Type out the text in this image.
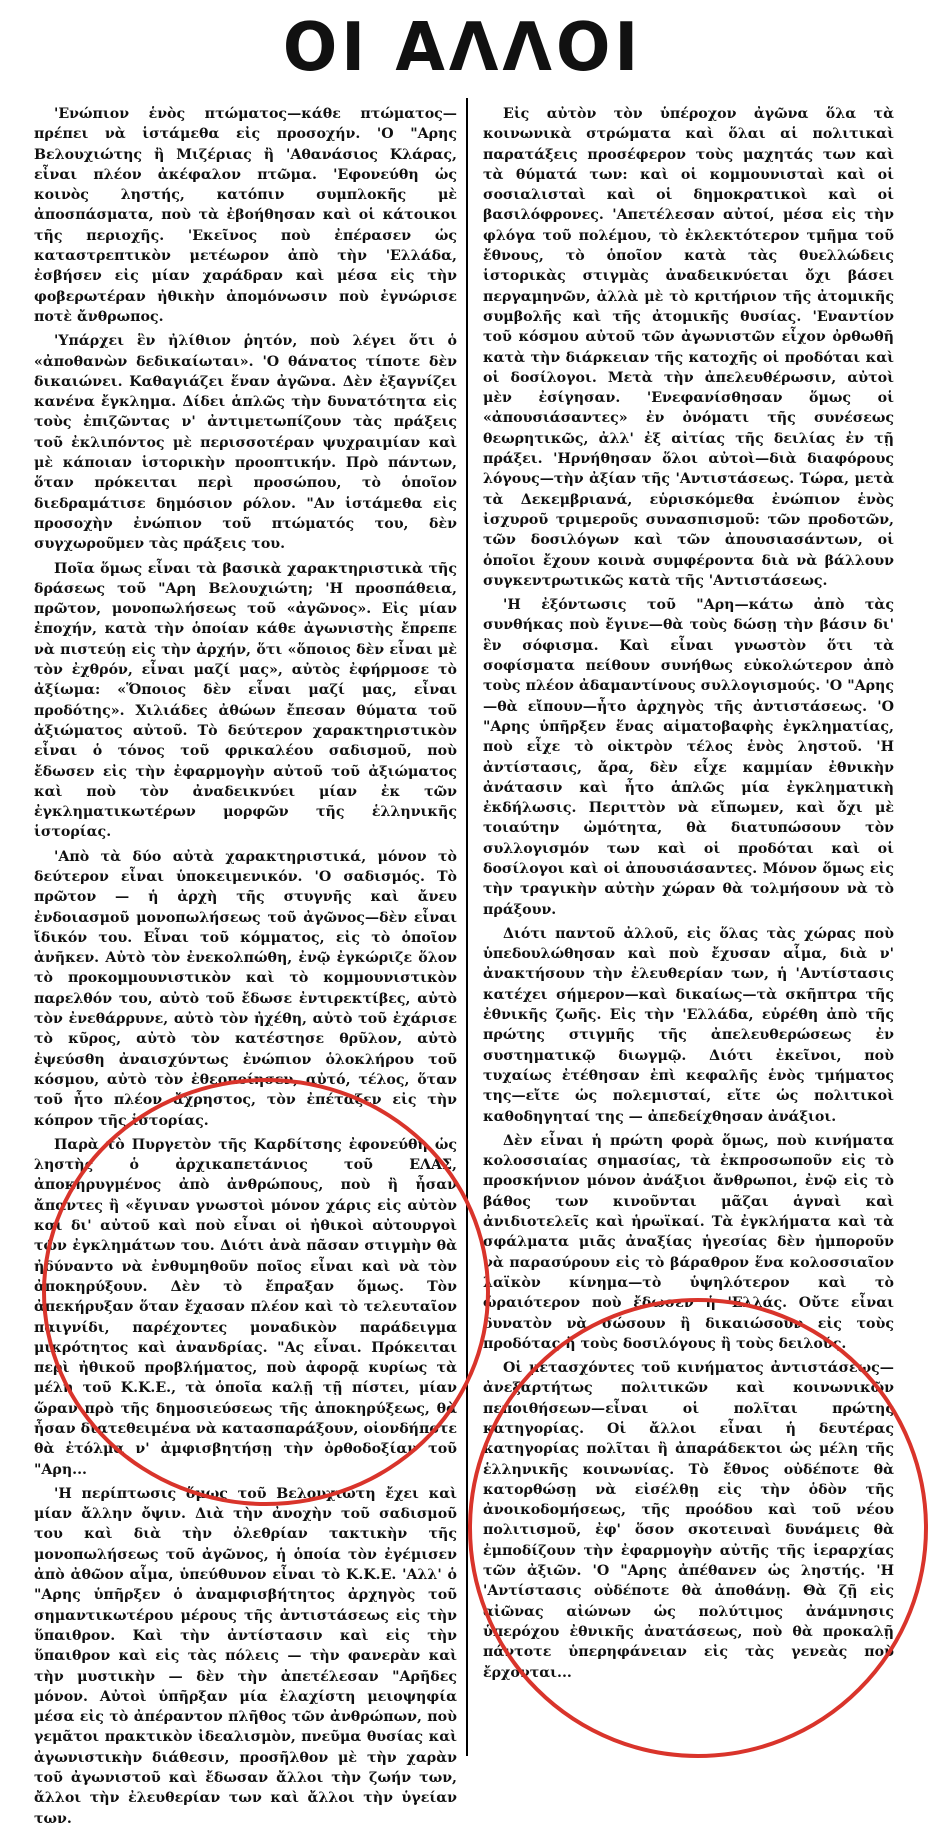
ΟΙ ΑΛΛΟΙ

'Ενώπιον ἑνὸς πτώματος—κάθε πτώματος—πρέπει νὰ ἱστάμεθα εἰς προσοχήν. 'Ο "Αρης Βελουχιώτης ἢ Μιζέριας ἢ 'Αθανάσιος Κλάρας, εἶναι πλέον ἀκέφαλον πτῶμα. 'Εφονεύθη ὡς κοινὸς ληστής, κατόπιν συμπλοκῆς μὲ ἀποσπάσματα, ποὺ τὰ ἐβοήθησαν καὶ οἱ κάτοικοι τῆς περιοχῆς. 'Εκεῖνος ποὺ ἐπέρασεν ὡς καταστρεπτικὸν μετέωρον ἀπὸ τὴν 'Ελλάδα, ἐσβήσεν εἰς μίαν χαράδραν καὶ μέσα εἰς τὴν φοβερωτέραν ἠθικὴν ἀπομόνωσιν ποὺ ἐγνώρισε ποτὲ ἄνθρωπος.

'Υπάρχει ἓν ἠλίθιον ῥητόν, ποὺ λέγει ὅτι ὁ «ἀποθανὼν δεδικαίωται». 'Ο θάνατος τίποτε δὲν δικαιώνει. Καθαγιάζει ἕναν ἀγῶνα. Δὲν ἐξαγνίζει κανένα ἔγκλημα. Δίδει ἁπλῶς τὴν δυνατότητα εἰς τοὺς ἐπιζῶντας ν' ἀντιμετωπίζουν τὰς πράξεις τοῦ ἐκλιπόντος μὲ περισσοτέραν ψυχραιμίαν καὶ μὲ κάποιαν ἱστορικὴν προοπτικήν. Πρὸ πάντων, ὅταν πρόκειται περὶ προσώπου, τὸ ὁποῖον διεδραμάτισε δημόσιον ρόλον. "Αν ἱστάμεθα εἰς προσοχὴν ἐνώπιον τοῦ πτώματός του, δὲν συγχωροῦμεν τὰς πράξεις του.

Ποῖα ὅμως εἶναι τὰ βασικὰ χαρακτηριστικὰ τῆς δράσεως τοῦ "Αρη Βελουχιώτη; 'Η προσπάθεια, πρῶτον, μονοπωλήσεως τοῦ «ἀγῶνος». Εἰς μίαν ἐποχήν, κατὰ τὴν ὁποίαν κάθε ἀγωνιστὴς ἔπρεπε νὰ πιστεύῃ εἰς τὴν ἀρχήν, ὅτι «ὅποιος δὲν εἶναι μὲ τὸν ἐχθρόν, εἶναι μαζί μας», αὐτὸς ἐφήρμοσε τὸ ἀξίωμα: «Ὅποιος δὲν εἶναι μαζί μας, εἶναι προδότης». Χιλιάδες ἀθώων ἔπεσαν θύματα τοῦ ἀξιώματος αὐτοῦ. Τὸ δεύτερον χαρακτηριστικὸν εἶναι ὁ τόνος τοῦ φρικαλέου σαδισμοῦ, ποὺ ἔδωσεν εἰς τὴν ἐφαρμογὴν αὐτοῦ τοῦ ἀξιώματος καὶ ποὺ τὸν ἀναδεικνύει μίαν ἐκ τῶν ἐγκληματικωτέρων μορφῶν τῆς ἑλληνικῆς ἱστορίας.

'Απὸ τὰ δύο αὐτὰ χαρακτηριστικά, μόνον τὸ δεύτερον εἶναι ὑποκειμενικόν. 'Ο σαδισμός. Τὸ πρῶτον — ἡ ἀρχὴ τῆς στυγνῆς καὶ ἄνευ ἐνδοιασμοῦ μονοπωλήσεως τοῦ ἀγῶνος—δὲν εἶναι ἴδικόν του. Εἶναι τοῦ κόμματος, εἰς τὸ ὁποῖον ἀνῆκεν. Αὐτὸ τὸν ἐνεκολπώθη, ἐνῷ ἐγκώριζε ὅλον τὸ προκομμουνιστικὸν καὶ τὸ κομμουνιστικὸν παρελθόν του, αὐτὸ τοῦ ἔδωσε ἐντιρεκτίβες, αὐτὸ τὸν ἐνεθάρρυνε, αὐτὸ τὸν ἠχέθη, αὐτὸ τοῦ ἐχάρισε τὸ κῦρος, αὐτὸ τὸν κατέστησε θρῦλον, αὐτὸ ἐψεύσθη ἀναισχύντως ἐνώπιον ὁλοκλήρου τοῦ κόσμου, αὐτὸ τὸν ἐθεοποίησεν, αὐτό, τέλος, ὅταν τοῦ ἦτο πλέον ἄχρηστος, τὸν ἐπέταξεν εἰς τὴν κόπρον τῆς ἱστορίας.

Παρὰ τὸ Πυργετὸν τῆς Καρδίτσης ἐφονεύθη ὡς ληστὴς ὁ ἀρχικαπετάνιος τοῦ ΕΛΑΣ, ἀποκηρυγμένος ἀπὸ ἀνθρώπους, ποὺ ἢ ἦσαν ἄπαντες ἢ «ἔγιναν γνωστοὶ μόνον χάρις εἰς αὐτὸν καὶ δι' αὐτοῦ καὶ ποὺ εἶναι οἱ ἠθικοὶ αὐτουργοὶ τῶν ἐγκλημάτων του. Διότι ἀνὰ πᾶσαν στιγμὴν θὰ ἠδύναντο νὰ ἐνθυμηθοῦν ποῖος εἶναι καὶ νὰ τὸν ἀποκηρύξουν. Δὲν τὸ ἔπραξαν ὅμως. Τὸν ἀπεκήρυξαν ὅταν ἔχασαν πλέον καὶ τὸ τελευταῖον παιγνίδι, παρέχοντες μοναδικὸν παράδειγμα μικρότητος καὶ ἀνανδρίας. "Ας εἶναι. Πρόκειται περὶ ἠθικοῦ προβλήματος, ποὺ ἀφορᾷ κυρίως τὰ μέλη τοῦ Κ.Κ.Ε., τὰ ὁποῖα καλῇ τῇ πίστει, μίαν ὥραν πρὸ τῆς δημοσιεύσεως τῆς ἀποκηρύξεως, θὰ ἦσαν διατεθειμένα νὰ κατασπαράξουν, οἱονδήποτε θὰ ἐτόλμα ν' ἀμφισβητήσῃ τὴν ὀρθοδοξίαν τοῦ "Αρη...

'Η περίπτωσις ὅμως τοῦ Βελουχιώτη ἔχει καὶ μίαν ἄλλην ὄψιν. Διὰ τὴν ἀνοχὴν τοῦ σαδισμοῦ του καὶ διὰ τὴν ὀλεθρίαν τακτικὴν τῆς μονοπωλήσεως τοῦ ἀγῶνος, ἡ ὁποία τὸν ἐγέμισεν ἀπὸ ἀθῶον αἷμα, ὑπεύθυνον εἶναι τὸ Κ.Κ.Ε. 'Αλλ' ὁ "Αρης ὑπῆρξεν ὁ ἀναμφισβήτητος ἀρχηγὸς τοῦ σημαντικωτέρου μέρους τῆς ἀντιστάσεως εἰς τὴν ὕπαιθρον. Καὶ τὴν ἀντίστασιν καὶ εἰς τὴν ὕπαιθρον καὶ εἰς τὰς πόλεις — τὴν φανερὰν καὶ τὴν μυστικὴν — δὲν τὴν ἀπετέλεσαν "Αρῆδες μόνον. Αὐτοὶ ὑπῆρξαν μία ἐλαχίστη μειοψηφία μέσα εἰς τὸ ἀπέραντον πλῆθος τῶν ἀνθρώπων, ποὺ γεμᾶτοι πρακτικὸν ἰδεαλισμὸν, πνεῦμα θυσίας καὶ ἀγωνιστικὴν διάθεσιν, προσῆλθον μὲ τὴν χαρὰν τοῦ ἀγωνιστοῦ καὶ ἔδωσαν ἄλλοι τὴν ζωήν των, ἄλλοι τὴν ἐλευθερίαν των καὶ ἄλλοι τὴν ὑγείαν των.

Εἰς αὐτὸν τὸν ὑπέροχον ἀγῶνα ὅλα τὰ κοινωνικὰ στρώματα καὶ ὅλαι αἱ πολιτικαὶ παρατάξεις προσέφερον τοὺς μαχητάς των καὶ τὰ θύματά των: καὶ οἱ κομμουνισταὶ καὶ οἱ σοσιαλισταὶ καὶ οἱ δημοκρατικοὶ καὶ οἱ βασιλόφρονες. 'Απετέλεσαν αὐτοί, μέσα εἰς τὴν φλόγα τοῦ πολέμου, τὸ ἐκλεκτότερον τμῆμα τοῦ ἔθνους, τὸ ὁποῖον κατὰ τὰς θυελλώδεις ἱστορικὰς στιγμὰς ἀναδεικνύεται ὄχι βάσει περγαμηνῶν, ἀλλὰ μὲ τὸ κριτήριον τῆς ἀτομικῆς συμβολῆς καὶ τῆς ἀτομικῆς θυσίας. 'Εναντίον τοῦ κόσμου αὐτοῦ τῶν ἀγωνιστῶν εἶχον ὀρθωθῆ κατὰ τὴν διάρκειαν τῆς κατοχῆς οἱ προδόται καὶ οἱ δοσίλογοι. Μετὰ τὴν ἀπελευθέρωσιν, αὐτοὶ μὲν ἐσίγησαν. 'Ενεφανίσθησαν ὅμως οἱ «ἀπουσιάσαντες» ἐν ὀνόματι τῆς συνέσεως θεωρητικῶς, ἀλλ' ἐξ αἰτίας τῆς δειλίας ἐν τῇ πράξει. 'Ηρνήθησαν ὅλοι αὐτοὶ—διὰ διαφόρους λόγους—τὴν ἀξίαν τῆς 'Αντιστάσεως. Τώρα, μετὰ τὰ Δεκεμβριανά, εὑρισκόμεθα ἐνώπιον ἑνὸς ἰσχυροῦ τριμεροῦς συνασπισμοῦ: τῶν προδοτῶν, τῶν δοσιλόγων καὶ τῶν ἀπουσιασάντων, οἱ ὁποῖοι ἔχουν κοινὰ συμφέροντα διὰ νὰ βάλλουν συγκεντρωτικῶς κατὰ τῆς 'Αντιστάσεως.

'Η ἐξόντωσις τοῦ "Αρη—κάτω ἀπὸ τὰς συνθήκας ποὺ ἔγινε—θὰ τοὺς δώσῃ τὴν βάσιν δι' ἓν σόφισμα. Καὶ εἶναι γνωστὸν ὅτι τὰ σοφίσματα πείθουν συνήθως εὐκολώτερον ἀπὸ τοὺς πλέον ἀδαμαντίνους συλλογισμούς. 'Ο "Αρης —θὰ εἴπουν—ἦτο ἀρχηγὸς τῆς ἀντιστάσεως. 'Ο "Αρης ὑπῆρξεν ἕνας αἱματοβαφὴς ἐγκληματίας, ποὺ εἶχε τὸ οἰκτρὸν τέλος ἑνὸς ληστοῦ. 'Η ἀντίστασις, ἄρα, δὲν εἶχε καμμίαν ἐθνικὴν ἀνάτασιν καὶ ἦτο ἁπλῶς μία ἐγκληματικὴ ἐκδήλωσις. Περιττὸν νὰ εἴπωμεν, καὶ ὄχι μὲ τοιαύτην ὠμότητα, θὰ διατυπώσουν τὸν συλλογισμόν των καὶ οἱ προδόται καὶ οἱ δοσίλογοι καὶ οἱ ἀπουσιάσαντες. Μόνον ὅμως εἰς τὴν τραγικὴν αὐτὴν χώραν θὰ τολμήσουν νὰ τὸ πράξουν.

Διότι παντοῦ ἀλλοῦ, εἰς ὅλας τὰς χώρας ποὺ ὑπεδουλώθησαν καὶ ποὺ ἔχυσαν αἷμα, διὰ ν' ἀνακτήσουν τὴν ἐλευθερίαν των, ἡ 'Αντίστασις κατέχει σήμερον—καὶ δικαίως—τὰ σκῆπτρα τῆς ἐθνικῆς ζωῆς. Εἰς τὴν 'Ελλάδα, εὑρέθη ἀπὸ τῆς πρώτης στιγμῆς τῆς ἀπελευθερώσεως ἐν συστηματικῷ διωγμῷ. Διότι ἐκεῖνοι, ποὺ τυχαίως ἐτέθησαν ἐπὶ κεφαλῆς ἑνὸς τμήματος της—εἴτε ὡς πολεμισταί, εἴτε ὡς πολιτικοὶ καθοδηγηταί της — ἀπεδείχθησαν ἀνάξιοι.

Δὲν εἶναι ἡ πρώτη φορὰ ὅμως, ποὺ κινήματα κολοσσιαίας σημασίας, τὰ ἐκπροσωποῦν εἰς τὸ προσκήνιον μόνον ἀνάξιοι ἄνθρωποι, ἐνῷ εἰς τὸ βάθος των κινοῦνται μᾶζαι ἁγναὶ καὶ ἀνιδιοτελεῖς καὶ ἡρωϊκαί. Τὰ ἐγκλήματα καὶ τὰ σφάλματα μιᾶς ἀναξίας ἡγεσίας δὲν ἠμποροῦν νὰ παρασύρουν εἰς τὸ βάραθρον ἕνα κολοσσιαῖον λαϊκὸν κίνημα—τὸ ὑψηλότερον καὶ τὸ ὡραιότερον ποὺ ἔδωσεν ἡ 'Ελλάς. Οὔτε εἶναι δυνατὸν νὰ σώσουν ἢ δικαιώσουν εἰς τοὺς προδότας ἢ τοὺς δοσιλόγους ἢ τοὺς δειλούς.

Οἱ μετασχόντες τοῦ κινήματος ἀντιστάσεως—ἀνεξαρτήτως πολιτικῶν καὶ κοινωνικῶν πεποιθήσεων—εἶναι οἱ πολῖται πρώτης κατηγορίας. Οἱ ἄλλοι εἶναι ἡ δευτέρας κατηγορίας πολῖται ἢ ἀπαράδεκτοι ὡς μέλη τῆς ἑλληνικῆς κοινωνίας. Τὸ ἔθνος οὐδέποτε θὰ κατορθώσῃ νὰ εἰσέλθῃ εἰς τὴν ὁδὸν τῆς ἀνοικοδομήσεως, τῆς προόδου καὶ τοῦ νέου πολιτισμοῦ, ἐφ' ὅσον σκοτειναὶ δυνάμεις θὰ ἐμποδίζουν τὴν ἐφαρμογὴν αὐτῆς τῆς ἱεραρχίας τῶν ἀξιῶν. 'Ο "Αρης ἀπέθανεν ὡς ληστής. 'Η 'Αντίστασις οὐδέποτε θὰ ἀποθάνῃ. Θὰ ζῇ εἰς αἰῶνας αἰώνων ὡς πολύτιμος ἀνάμνησις ὑπερόχου ἐθνικῆς ἀνατάσεως, ποὺ θὰ προκαλῇ πάντοτε ὑπερηφάνειαν εἰς τὰς γενεὰς ποὺ ἔρχονται...
